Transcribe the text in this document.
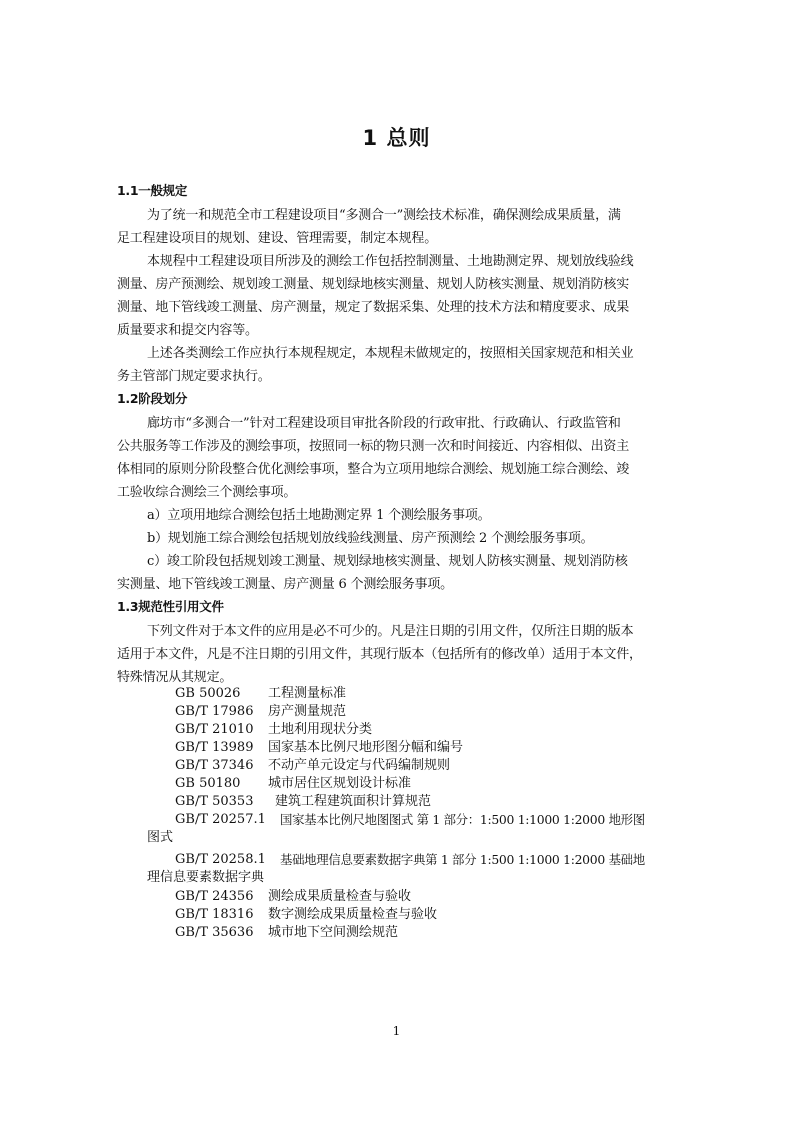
1 总则
1.1一般规定
为了统一和规范全市工程建设项目“多测合一”测绘技术标准，确保测绘成果质量，满
足工程建设项目的规划、建设、管理需要，制定本规程。
本规程中工程建设项目所涉及的测绘工作包括控制测量、土地勘测定界、规划放线验线
测量、房产预测绘、规划竣工测量、规划绿地核实测量、规划人防核实测量、规划消防核实
测量、地下管线竣工测量、房产测量，规定了数据采集、处理的技术方法和精度要求、成果
质量要求和提交内容等。
上述各类测绘工作应执行本规程规定，本规程未做规定的，按照相关国家规范和相关业
务主管部门规定要求执行。
1.2阶段划分
廊坊市“多测合一”针对工程建设项目审批各阶段的行政审批、行政确认、行政监管和
公共服务等工作涉及的测绘事项，按照同一标的物只测一次和时间接近、内容相似、出资主
体相同的原则分阶段整合优化测绘事项，整合为立项用地综合测绘、规划施工综合测绘、竣
工验收综合测绘三个测绘事项。
a）立项用地综合测绘包括土地勘测定界 1 个测绘服务事项。
b）规划施工综合测绘包括规划放线验线测量、房产预测绘 2 个测绘服务事项。
c）竣工阶段包括规划竣工测量、规划绿地核实测量、规划人防核实测量、规划消防核
实测量、地下管线竣工测量、房产测量 6 个测绘服务事项。
1.3规范性引用文件
下列文件对于本文件的应用是必不可少的。凡是注日期的引用文件，仅所注日期的版本
适用于本文件，凡是不注日期的引用文件，其现行版本（包括所有的修改单）适用于本文件，
特殊情况从其规定。
GB 50026 工程测量标准
GB/T 17986 房产测量规范
GB/T 21010 土地利用现状分类
GB/T 13989 国家基本比例尺地形图分幅和编号
GB/T 37346 不动产单元设定与代码编制规则
GB 50180 城市居住区规划设计标准
GB/T 50353 建筑工程建筑面积计算规范
GB/T 20257.1 国家基本比例尺地图图式 第 1 部分：1:500 1:1000 1:2000 地形图
图式
GB/T 20258.1 基础地理信息要素数据字典第 1 部分 1:500 1:1000 1:2000 基础地
理信息要素数据字典
GB/T 24356 测绘成果质量检查与验收
GB/T 18316 数字测绘成果质量检查与验收
GB/T 35636 城市地下空间测绘规范
1
